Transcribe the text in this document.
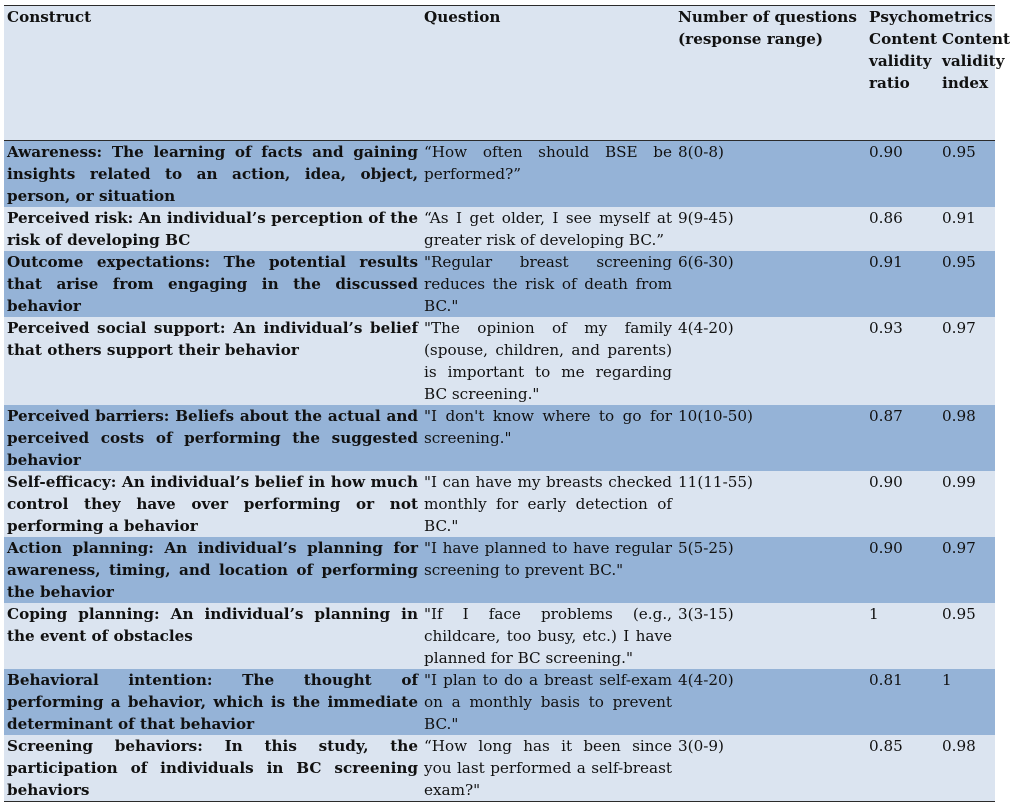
Construct	Question	Number of questions (response range)	Psychometrics	
			Content validity ratio	Content validity index
Awareness: The learning of facts and gaining insights related to an action, idea, object, person, or situation	“How often should BSE be performed?”	8(0-8)	0.90	0.95
Perceived risk: An individual’s perception of the risk of developing BC	“As I get older, I see myself at greater risk of developing BC.”	9(9-45)	0.86	0.91
Outcome expectations: The potential results that arise from engaging in the discussed behavior	"Regular breast screening reduces the risk of death from BC."	6(6-30)	0.91	0.95
Perceived social support: An individual’s belief that others support their behavior	"The opinion of my family (spouse, children, and parents) is important to me regarding BC screening."	4(4-20)	0.93	0.97
Perceived barriers: Beliefs about the actual and perceived costs of performing the suggested behavior	"I don't know where to go for screening."	10(10-50)	0.87	0.98
Self-efficacy: An individual’s belief in how much control they have over performing or not performing a behavior	"I can have my breasts checked monthly for early detection of BC."	11(11-55)	0.90	0.99
Action planning: An individual’s planning for awareness, timing, and location of performing the behavior	"I have planned to have regular screening to prevent BC."	5(5-25)	0.90	0.97
Coping planning: An individual’s planning in the event of obstacles	"If I face problems (e.g., childcare, too busy, etc.) I have planned for BC screening."	3(3-15)	1	0.95
Behavioral intention: The thought of performing a behavior, which is the immediate determinant of that behavior	"I plan to do a breast self-exam on a monthly basis to prevent BC."	4(4-20)	0.81	1
Screening behaviors: In this study, the participation of individuals in BC screening behaviors	“How long has it been since you last performed a self-breast exam?"	3(0-9)	0.85	0.98
